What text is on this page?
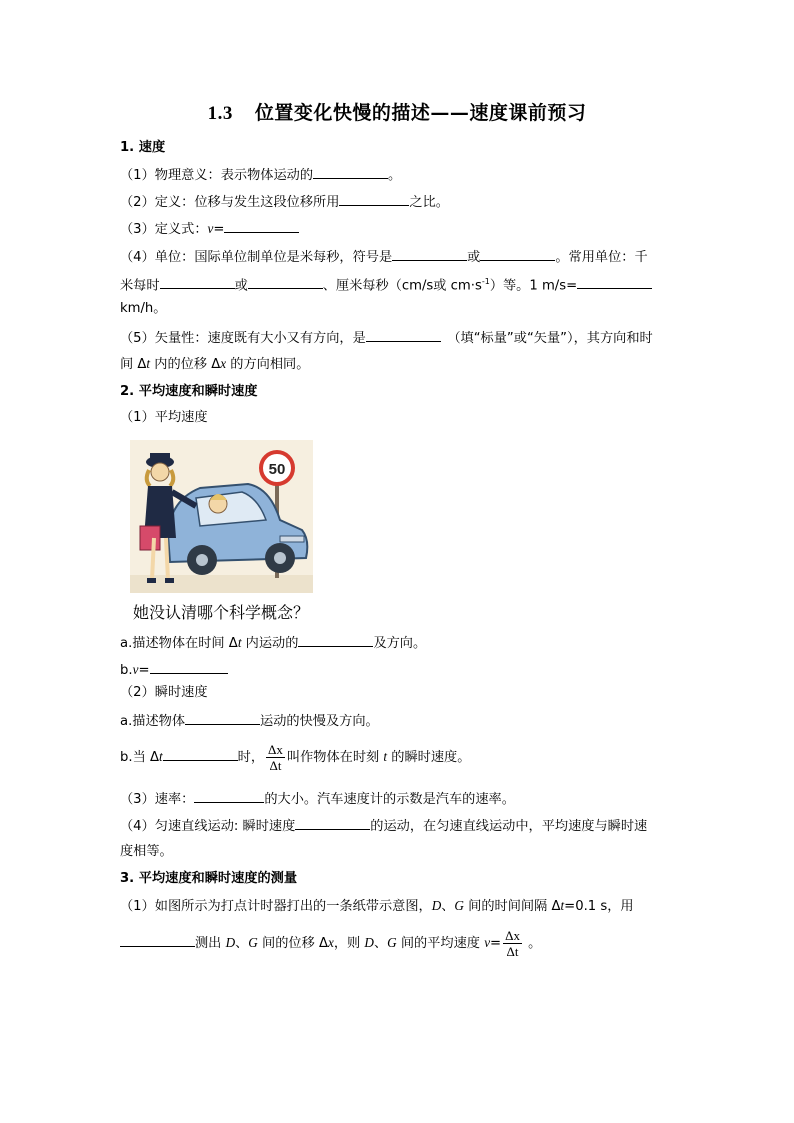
1.3 位置变化快慢的描述——速度课前预习
1. 速度
（1）物理意义：表示物体运动的	。
（2）定义：位移与发生这段位移所用	之比。
（3）定义式：v=
（4）单位：国际单位制单位是米每秒，符号是	或	。常用单位：千
米每时	或	、厘米每秒（cm/s或 $cm\cdot s^{-1}$）等。1 m/s=
km/h。
（5）矢量性：速度既有大小又有方向，是　	（填“标量”或“矢量”），其方向和时
间 Δt 内的位移 Δx 的方向相同。
2. 平均速度和瞬时速度
（1）平均速度
50
她没认清哪个科学概念？
a.描述物体在时间 Δt 内运动的	及方向。
b.v=
（2）瞬时速度
a.描述物体	运动的快慢及方向。
b.当 Δt	时， $\frac{\Delta x}{\Delta t}$ 叫作物体在时刻 t 的瞬时速度。
（3）速率：	的大小。汽车速度计的示数是汽车的速率。
（4）匀速直线运动: 瞬时速度	的运动，在匀速直线运动中，平均速度与瞬时速
度相等。
3. 平均速度和瞬时速度的测量
（1）如图所示为打点计时器打出的一条纸带示意图，D、G 间的时间间隔 Δt=0.1 s，用
测出 D、G 间的位移 Δx，则 D、G 间的平均速度 $v= \frac{\Delta x}{\Delta t}$ 。
